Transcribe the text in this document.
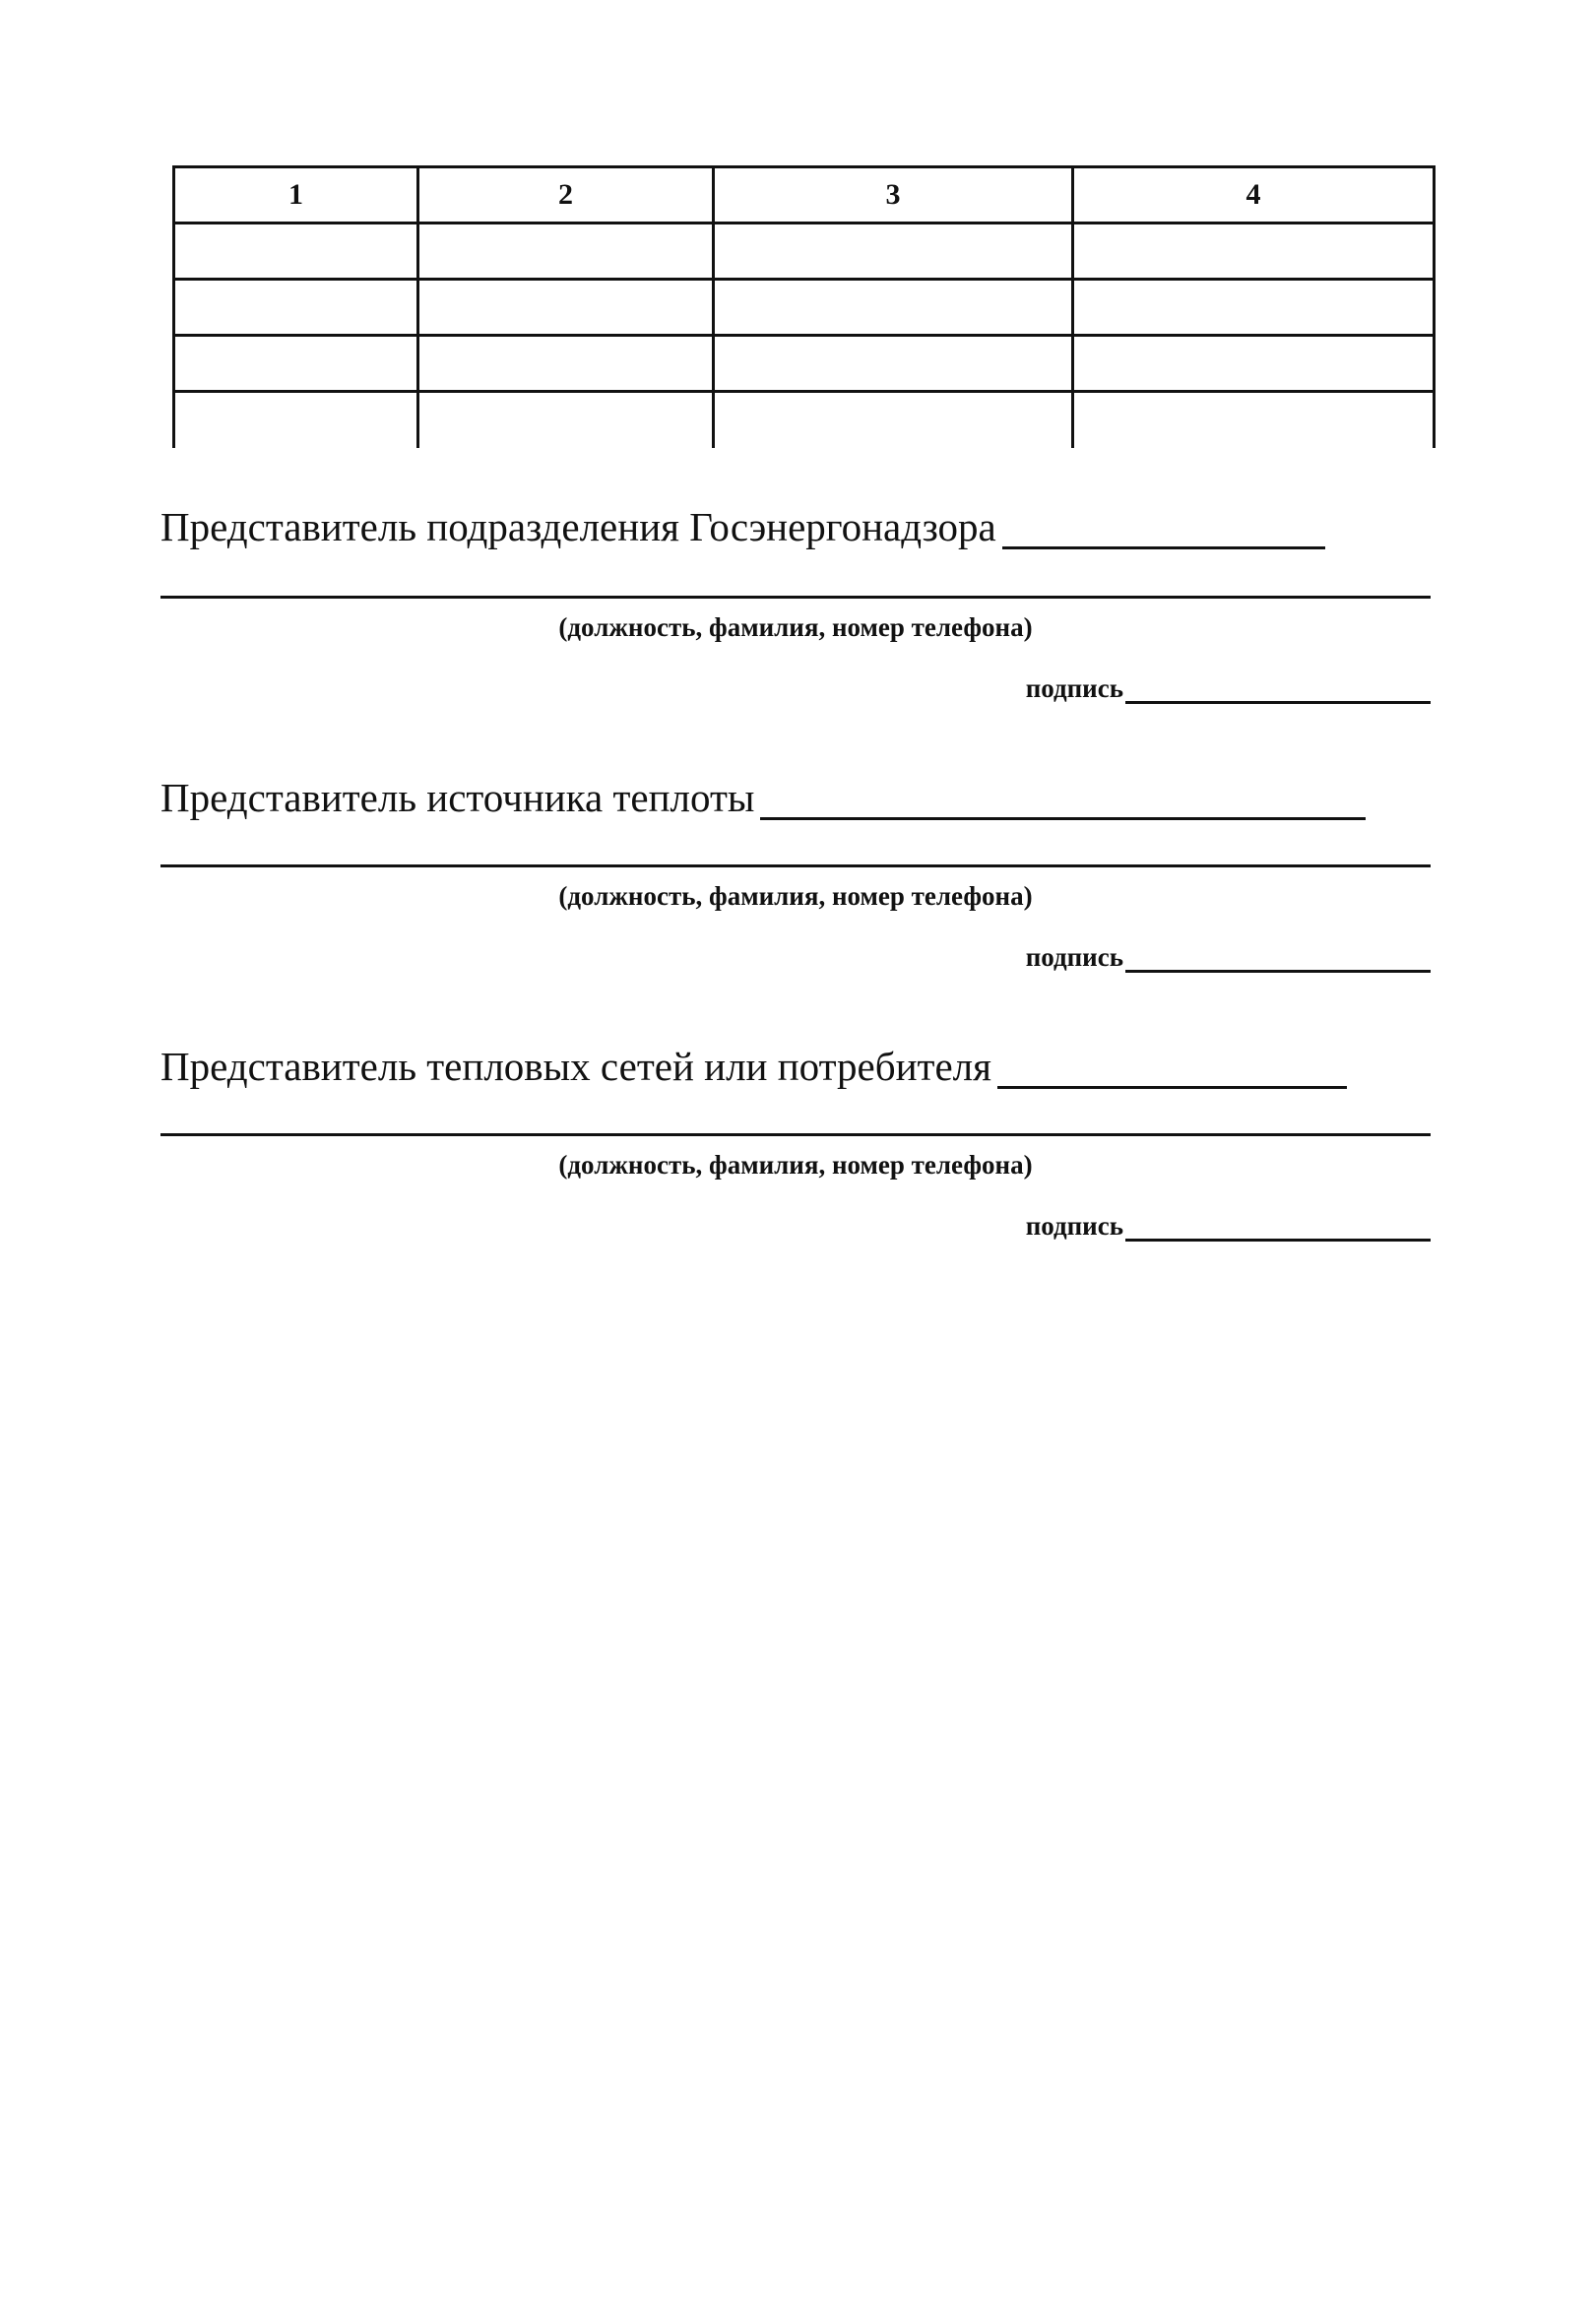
1	2	3	4

Представитель подразделения Госэнергонадзора
(должность, фамилия, номер телефона)
подпись
Представитель источника теплоты
(должность, фамилия, номер телефона)
подпись
Представитель тепловых сетей или потребителя
(должность, фамилия, номер телефона)
подпись
